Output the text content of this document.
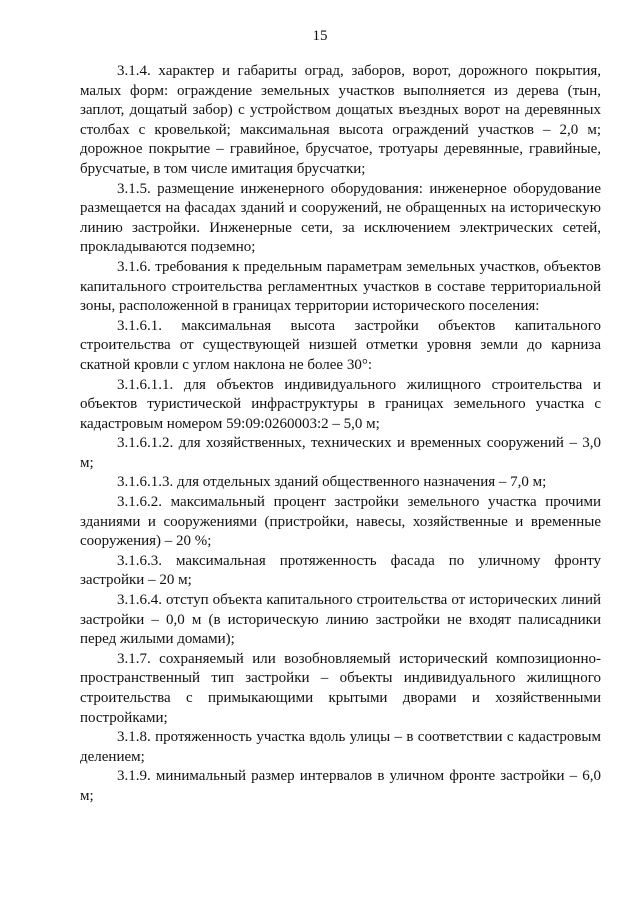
15

3.1.4. характер и габариты оград, заборов, ворот, дорожного покрытия, малых форм: ограждение земельных участков выполняется из дерева (тын, заплот, дощатый забор) с устройством дощатых въездных ворот на деревянных столбах с кровелькой; максимальная высота ограждений участков – 2,0 м; дорожное покрытие – гравийное, брусчатое, тротуары деревянные, гравийные, брусчатые, в том числе имитация брусчатки;

3.1.5. размещение инженерного оборудования: инженерное оборудование размещается на фасадах зданий и сооружений, не обращенных на историческую линию застройки. Инженерные сети, за исключением электрических сетей, прокладываются подземно;

3.1.6. требования к предельным параметрам земельных участков, объектов капитального строительства регламентных участков в составе территориальной зоны, расположенной в границах территории исторического поселения:

3.1.6.1. максимальная высота застройки объектов капитального строительства от существующей низшей отметки уровня земли до карниза скатной кровли с углом наклона не более 30°:

3.1.6.1.1. для объектов индивидуального жилищного строительства и объектов туристической инфраструктуры в границах земельного участка с кадастровым номером 59:09:0260003:2 – 5,0 м;

3.1.6.1.2. для хозяйственных, технических и временных сооружений – 3,0 м;

3.1.6.1.3. для отдельных зданий общественного назначения – 7,0 м;

3.1.6.2. максимальный процент застройки земельного участка прочими зданиями и сооружениями (пристройки, навесы, хозяйственные и временные сооружения) – 20 %;

3.1.6.3. максимальная протяженность фасада по уличному фронту застройки – 20 м;

3.1.6.4. отступ объекта капитального строительства от исторических линий застройки – 0,0 м (в историческую линию застройки не входят палисадники перед жилыми домами);

3.1.7. сохраняемый или возобновляемый исторический композиционно-пространственный тип застройки – объекты индивидуального жилищного строительства с примыкающими крытыми дворами и хозяйственными постройками;

3.1.8. протяженность участка вдоль улицы – в соответствии с кадастровым делением;

3.1.9. минимальный размер интервалов в уличном фронте застройки – 6,0 м;
